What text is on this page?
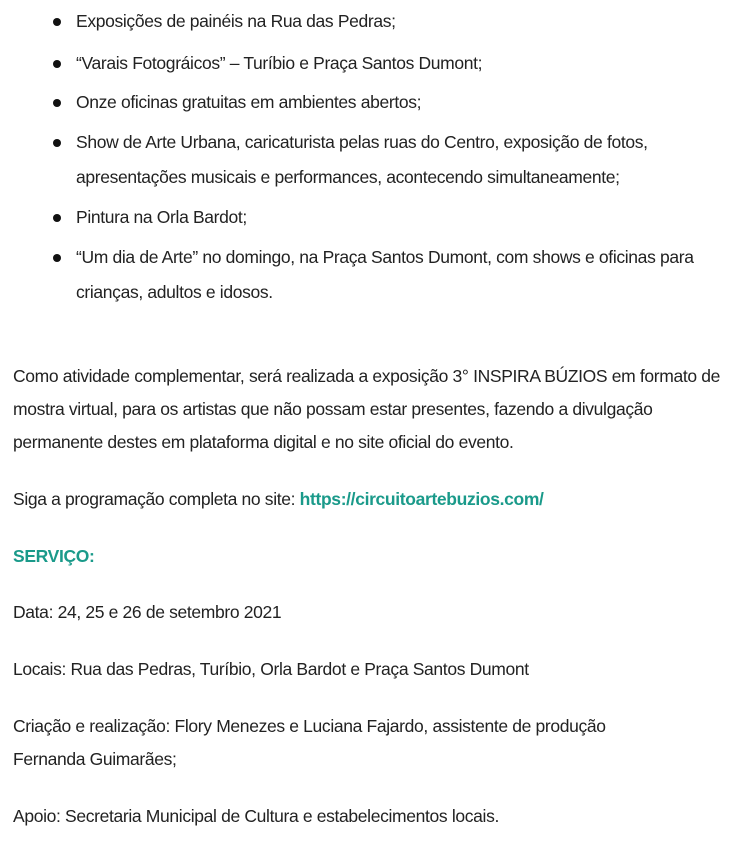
Exposições de painéis na Rua das Pedras;
“Varais Fotográicos” – Turíbio e Praça Santos Dumont;
Onze oficinas gratuitas em ambientes abertos;
Show de Arte Urbana, caricaturista pelas ruas do Centro, exposição de fotos, apresentações musicais e performances, acontecendo simultaneamente;
Pintura na Orla Bardot;
“Um dia de Arte” no domingo, na Praça Santos Dumont, com shows e oficinas para crianças, adultos e idosos.

Como atividade complementar, será realizada a exposição 3° INSPIRA BÚZIOS em formato de mostra virtual, para os artistas que não possam estar presentes, fazendo a divulgação permanente destes em plataforma digital e no site oficial do evento.

Siga a programação completa no site: https://circuitoartebuzios.com/

SERVIÇO:

Data: 24, 25 e 26 de setembro 2021

Locais: Rua das Pedras, Turíbio, Orla Bardot e Praça Santos Dumont

Criação e realização: Flory Menezes e Luciana Fajardo, assistente de produção Fernanda Guimarães;

Apoio: Secretaria Municipal de Cultura e estabelecimentos locais.
